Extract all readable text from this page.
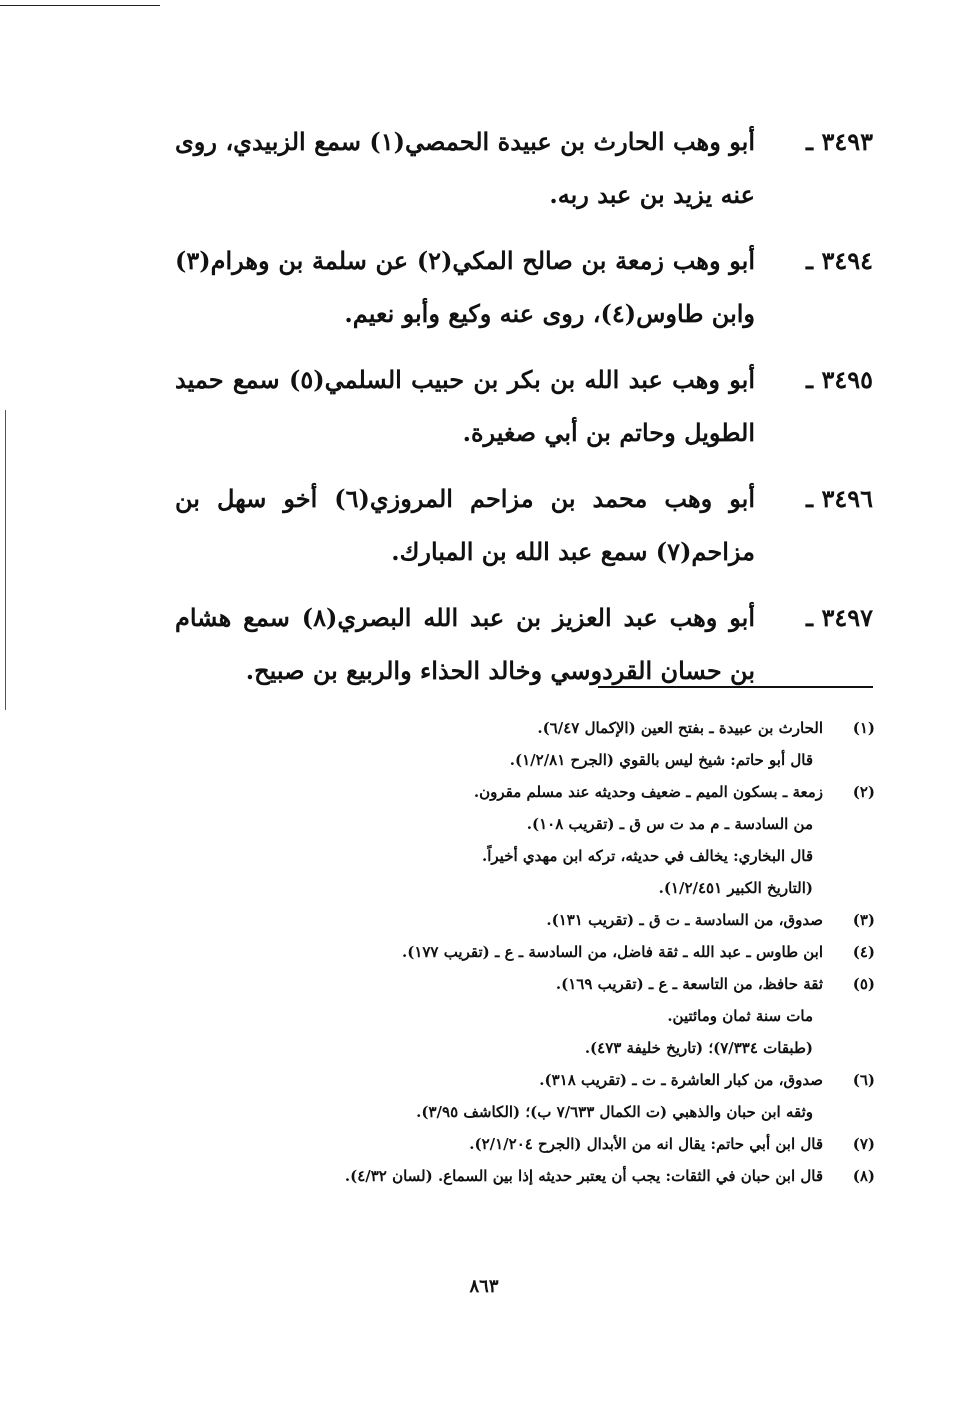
٣٤٩٣ ـ
أبو وهب الحارث بن عبيدة الحمصي(١) سمع الزبيدي، روى عنه يزيد بن عبد ربه.
٣٤٩٤ ـ
أبو وهب زمعة بن صالح المكي(٢) عن سلمة بن وهرام(٣) وابن طاوس(٤)، روى عنه وكيع وأبو نعيم.
٣٤٩٥ ـ
أبو وهب عبد الله بن بكر بن حبيب السلمي(٥) سمع حميد الطويل وحاتم بن أبي صغيرة.
٣٤٩٦ ـ
أبو وهب محمد بن مزاحم المروزي(٦) أخو سهل بن مزاحم(٧) سمع عبد الله بن المبارك.
٣٤٩٧ ـ
أبو وهب عبد العزيز بن عبد الله البصري(٨) سمع هشام بن حسان القردوسي وخالد الحذاء والربيع بن صبيح.
(١)
الحارث بن عبيدة ـ بفتح العين (الإكمال ٦/٤٧).
قال أبو حاتم: شيخ ليس بالقوي (الجرح ١/٢/٨١).
(٢)
زمعة ـ بسكون الميم ـ ضعيف وحديثه عند مسلم مقرون.
من السادسة ـ م مد ت س ق ـ (تقريب ١٠٨).
قال البخاري: يخالف في حديثه، تركه ابن مهدي أخيراً.
(التاريخ الكبير ١/٢/٤٥١).
(٣)
صدوق، من السادسة ـ ت ق ـ (تقريب ١٣١).
(٤)
ابن طاوس ـ عبد الله ـ ثقة فاضل، من السادسة ـ ع ـ (تقريب ١٧٧).
(٥)
ثقة حافظ، من التاسعة ـ ع ـ (تقريب ١٦٩).
مات سنة ثمان ومائتين.
(طبقات ٧/٣٣٤)؛ (تاريخ خليفة ٤٧٣).
(٦)
صدوق، من كبار العاشرة ـ ت ـ (تقريب ٣١٨).
وثقه ابن حبان والذهبي (ت الكمال ٧/٦٣٣ ب)؛ (الكاشف ٣/٩٥).
(٧)
قال ابن أبي حاتم: يقال انه من الأبدال (الجرح ٢/١/٢٠٤).
(٨)
قال ابن حبان في الثقات: يجب أن يعتبر حديثه إذا بين السماع. (لسان ٤/٣٢).
٨٦٣
